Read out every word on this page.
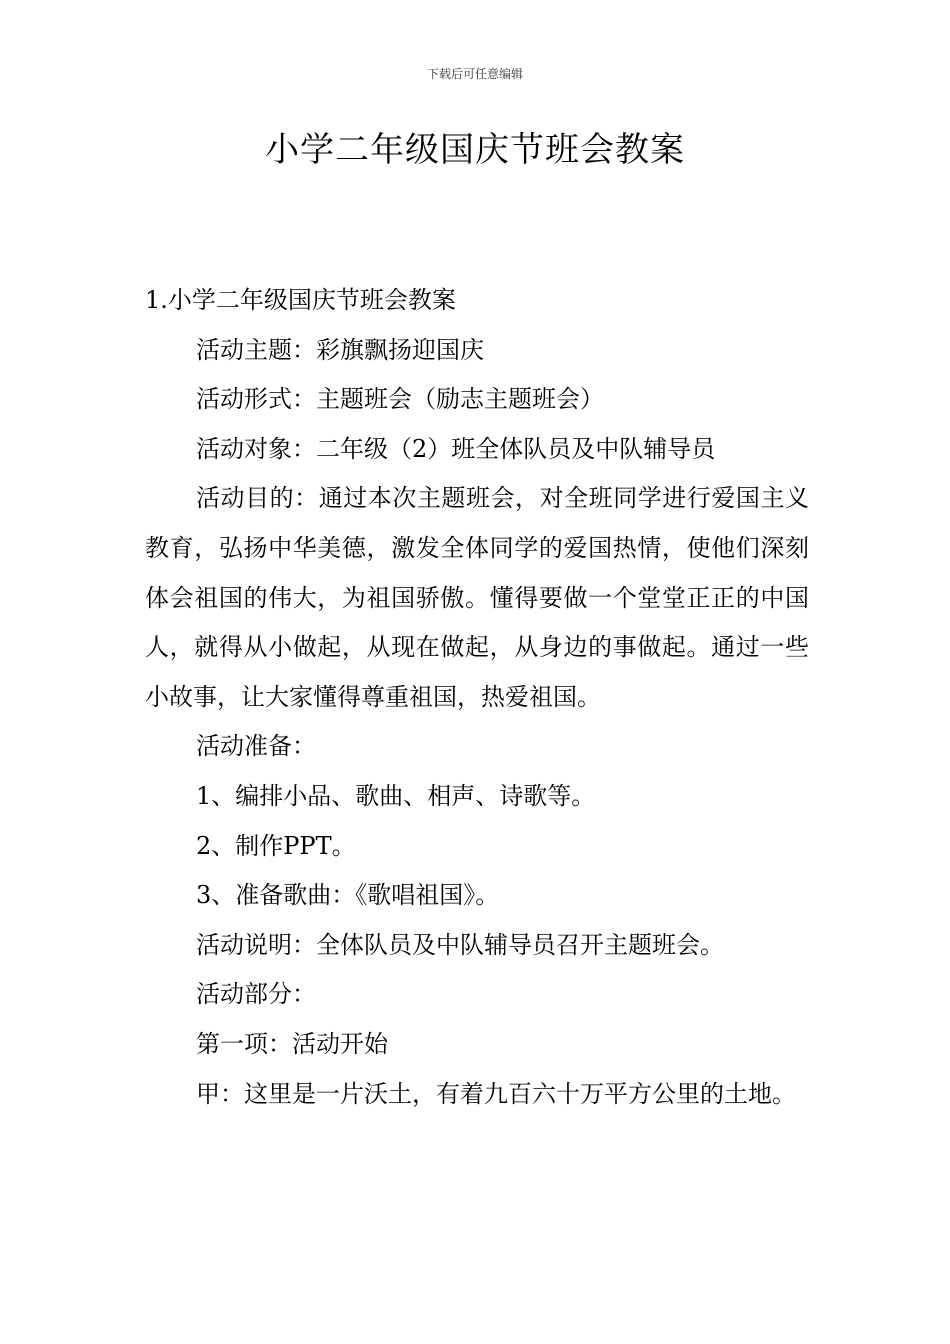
下载后可任意编辑
小学二年级国庆节班会教案

1.小学二年级国庆节班会教案

活动主题：彩旗飘扬迎国庆

活动形式：主题班会（励志主题班会）

活动对象：二年级（2）班全体队员及中队辅导员

活动目的：通过本次主题班会，对全班同学进行爱国主义教育，弘扬中华美德，激发全体同学的爱国热情，使他们深刻体会祖国的伟大，为祖国骄傲。懂得要做一个堂堂正正的中国人，就得从小做起，从现在做起，从身边的事做起。通过一些小故事，让大家懂得尊重祖国，热爱祖国。

活动准备：

1、编排小品、歌曲、相声、诗歌等。

2、制作PPT。

3、准备歌曲：《歌唱祖国》。

活动说明：全体队员及中队辅导员召开主题班会。

活动部分：

第一项：活动开始

甲：这里是一片沃土，有着九百六十万平方公里的土地。
